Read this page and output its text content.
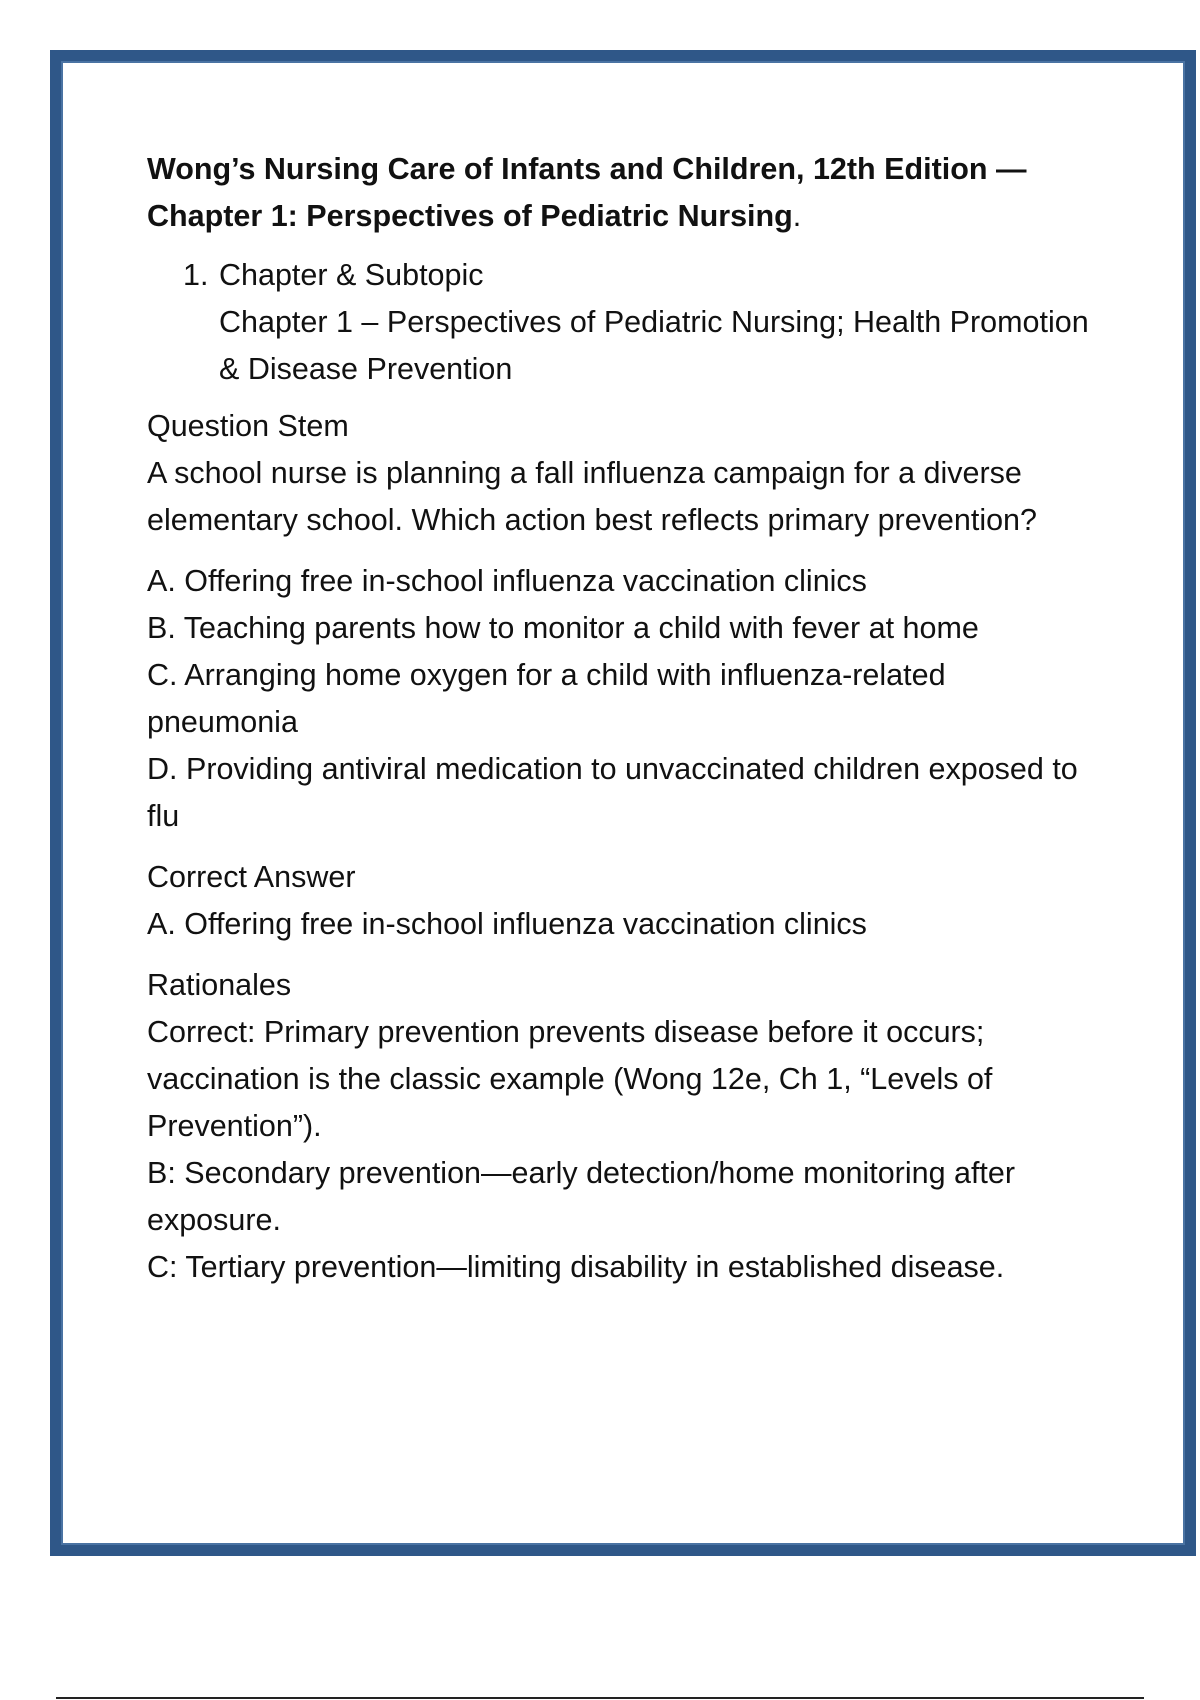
Wong’s Nursing Care of Infants and Children, 12th Edition —
Chapter 1: Perspectives of Pediatric Nursing.
1. Chapter & Subtopic
Chapter 1 – Perspectives of Pediatric Nursing; Health Promotion & Disease Prevention
Question Stem
A school nurse is planning a fall influenza campaign for a diverse elementary school. Which action best reflects primary prevention?
A. Offering free in-school influenza vaccination clinics
B. Teaching parents how to monitor a child with fever at home
C. Arranging home oxygen for a child with influenza-related pneumonia
D. Providing antiviral medication to unvaccinated children exposed to flu
Correct Answer
A. Offering free in-school influenza vaccination clinics
Rationales
Correct: Primary prevention prevents disease before it occurs; vaccination is the classic example (Wong 12e, Ch 1, “Levels of Prevention”).
B: Secondary prevention—early detection/home monitoring after exposure.
C: Tertiary prevention—limiting disability in established disease.
